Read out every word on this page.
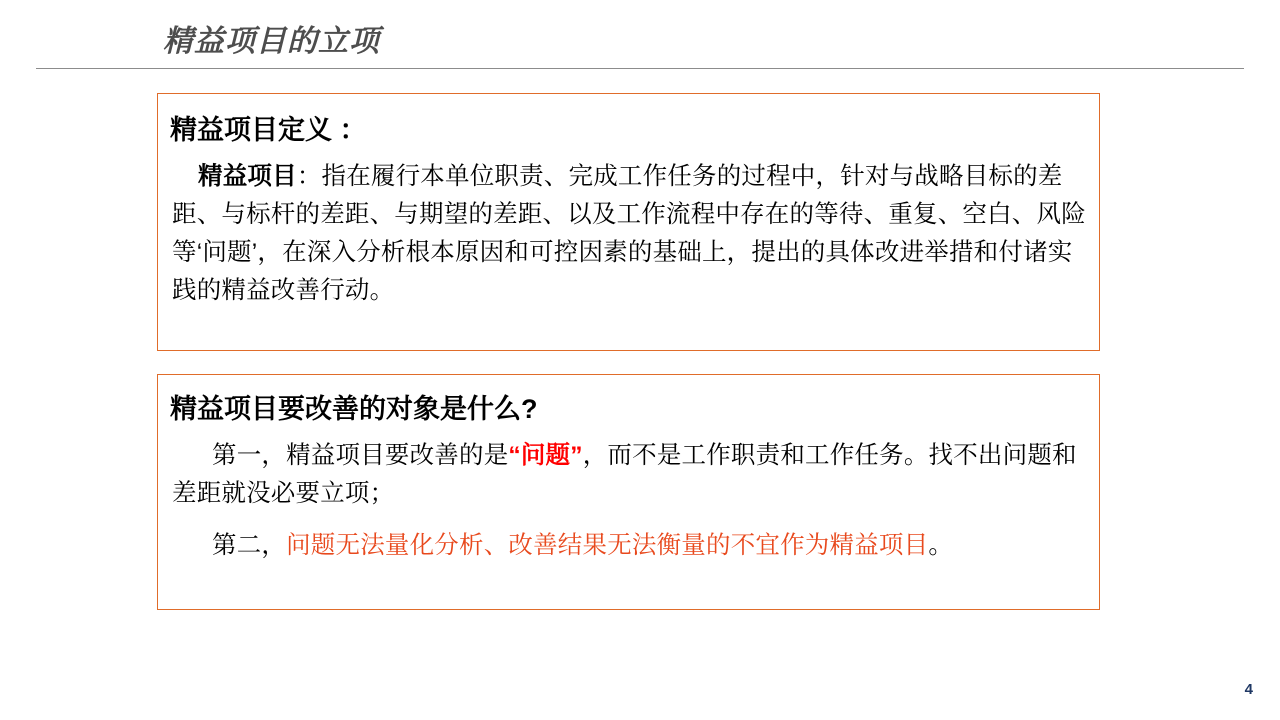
精益项目的立项
精益项目定义 ：
精益项目：指在履行本单位职责、完成工作任务的过程中，针对与战略目标的差距、与标杆的差距、与期望的差距、以及工作流程中存在的等待、重复、空白、风险等‘问题’，在深入分析根本原因和可控因素的基础上，提出的具体改进举措和付诸实践的精益改善行动。
精益项目要改善的对象是什么?
第一，精益项目要改善的是“问题”，而不是工作职责和工作任务。找不出问题和差距就没必要立项；
第二，问题无法量化分析、改善结果无法衡量的不宜作为精益项目。
4
